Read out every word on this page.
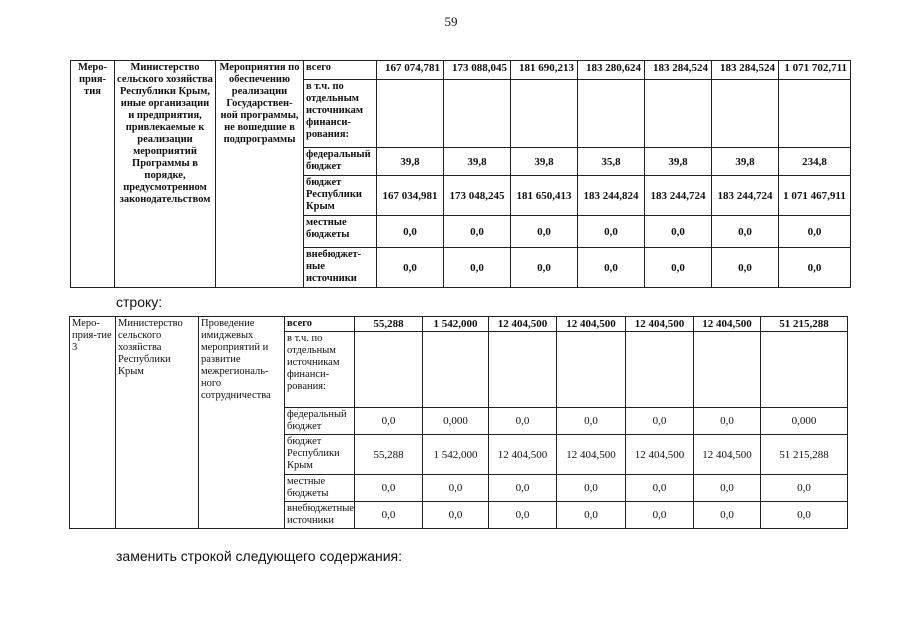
59
Меро-прия-тия	Министерство сельского хозяйства Республики Крым, иные организации и предприятия, привлекаемые к реализации мероприятий Программы в порядке, предусмотренном законодательством	Мероприятия по обеспечению реализации Государствен-ной программы, не вошедшие в подпрограммы	всего	167 074,781	173 088,045	181 690,213	183 280,624	183 284,524	183 284,524	1 071 702,711
			в т.ч. по отдельным источникам финанси-рования:							
			федеральный бюджет	39,8	39,8	39,8	35,8	39,8	39,8	234,8
			бюджет Республики Крым	167 034,981	173 048,245	181 650,413	183 244,824	183 244,724	183 244,724	1 071 467,911
			местные бюджеты	0,0	0,0	0,0	0,0	0,0	0,0	0,0
			внебюджет-ные источники	0,0	0,0	0,0	0,0	0,0	0,0	0,0
строку:
Меро-прия-тие 3	Министерство сельского хозяйства Республики Крым	Проведение имиджевых мероприятий и развитие межрегиональ-ного сотрудничества	всего	55,288	1 542,000	12 404,500	12 404,500	12 404,500	12 404,500	51 215,288
			в т.ч. по отдельным источникам финанси-рования:							
			федеральный бюджет	0,0	0,000	0,0	0,0	0,0	0,0	0,000
			бюджет Республики Крым	55,288	1 542,000	12 404,500	12 404,500	12 404,500	12 404,500	51 215,288
			местные бюджеты	0,0	0,0	0,0	0,0	0,0	0,0	0,0
			внебюджетные источники	0,0	0,0	0,0	0,0	0,0	0,0	0,0
заменить строкой следующего содержания:
